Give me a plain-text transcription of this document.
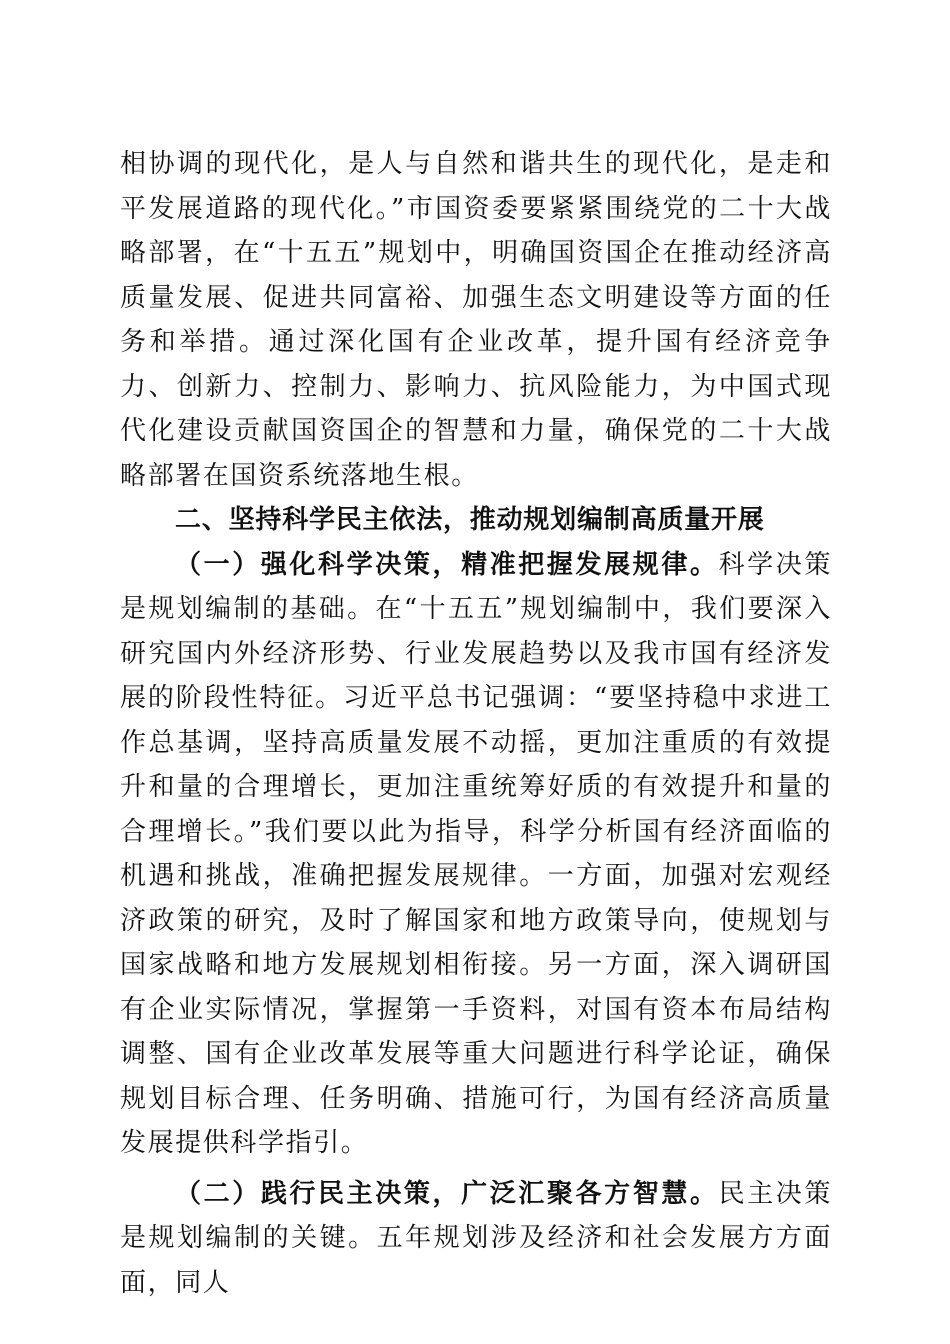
相协调的现代化，是人与自然和谐共生的现代化，是走和平发展道路的现代化。”市国资委要紧紧围绕党的二十大战略部署，在“十五五”规划中，明确国资国企在推动经济高质量发展、促进共同富裕、加强生态文明建设等方面的任务和举措。通过深化国有企业改革，提升国有经济竞争力、创新力、控制力、影响力、抗风险能力，为中国式现代化建设贡献国资国企的智慧和力量，确保党的二十大战略部署在国资系统落地生根。

二、坚持科学民主依法，推动规划编制高质量开展

（一）强化科学决策，精准把握发展规律。科学决策是规划编制的基础。在“十五五”规划编制中，我们要深入研究国内外经济形势、行业发展趋势以及我市国有经济发展的阶段性特征。习近平总书记强调：“要坚持稳中求进工作总基调，坚持高质量发展不动摇，更加注重质的有效提升和量的合理增长，更加注重统筹好质的有效提升和量的合理增长。”我们要以此为指导，科学分析国有经济面临的机遇和挑战，准确把握发展规律。一方面，加强对宏观经济政策的研究，及时了解国家和地方政策导向，使规划与国家战略和地方发展规划相衔接。另一方面，深入调研国有企业实际情况，掌握第一手资料，对国有资本布局结构调整、国有企业改革发展等重大问题进行科学论证，确保规划目标合理、任务明确、措施可行，为国有经济高质量发展提供科学指引。

（二）践行民主决策，广泛汇聚各方智慧。民主决策是规划编制的关键。五年规划涉及经济和社会发展方方面面，同人
